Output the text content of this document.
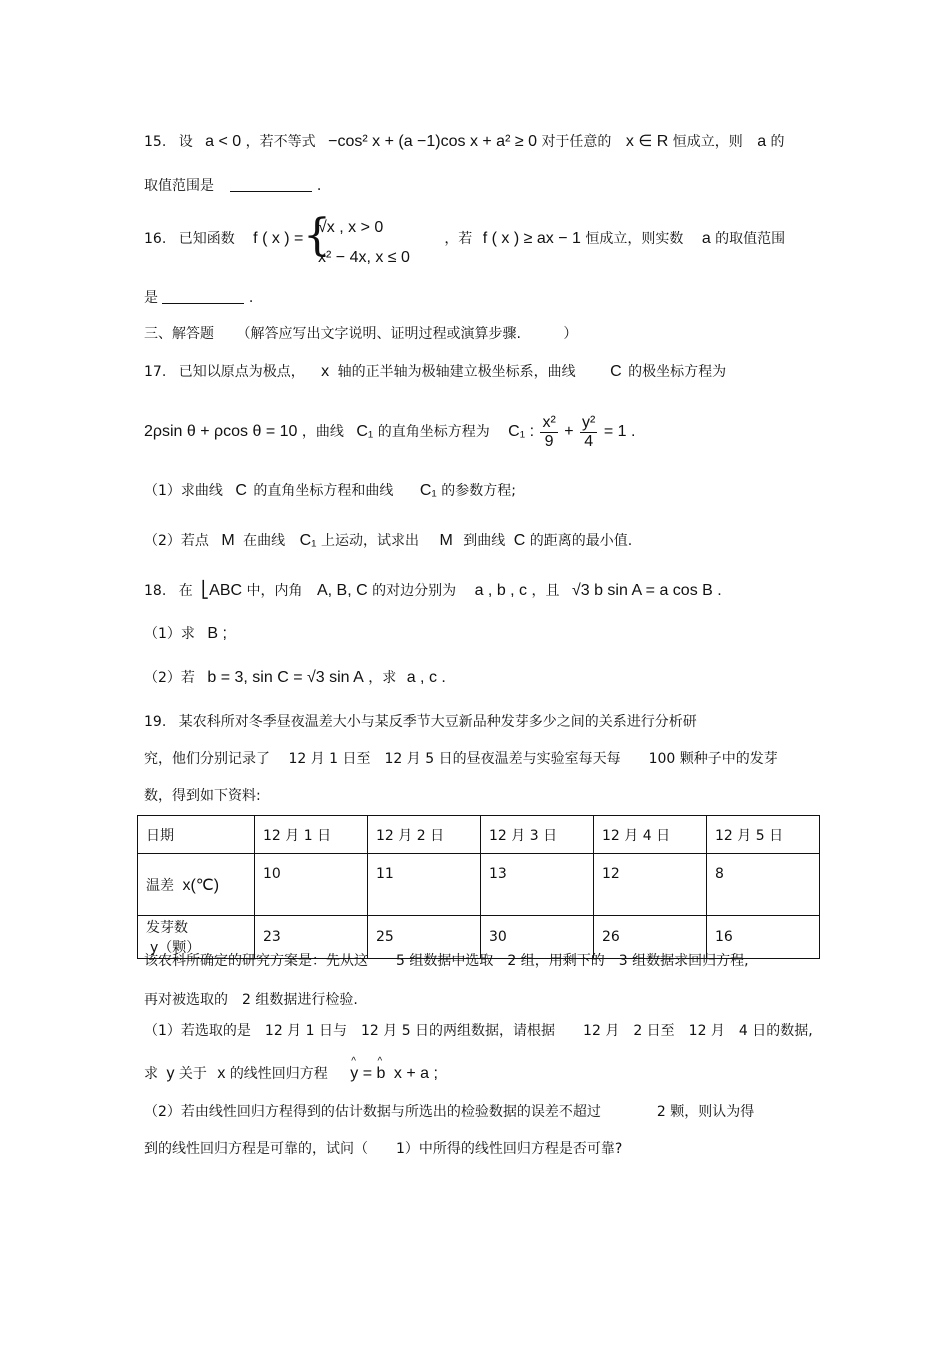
15. 设 a < 0 ，若不等式 −cos² x + (a −1)cos x + a² ≥ 0 对于任意的 x ∈ R 恒成立，则 a 的
取值范围是	.
16. 已知函数 f ( x ) =	，若 f ( x ) ≥ ax − 1 恒成立，则实数 a 的取值范围
{
√x , x > 0
x² − 4x, x ≤ 0
是	.
三、解答题 （解答应写出文字说明、证明过程或演算步骤.	）
17. 已知以原点为极点， x 轴的正半轴为极轴建立极坐标系，曲线 C 的极坐标方程为
2ρsin θ + ρcos θ = 10 ，曲线 C₁ 的直角坐标方程为 C₁ : $\frac{\text{x²}}{9} + \frac{\text{y²}}{4} = 1$ .
（1）求曲线 C 的直角坐标方程和曲线 C₁ 的参数方程;
（2）若点 M 在曲线 C₁ 上运动，试求出 M 到曲线 C 的距离的最小值.
18. 在 ⎣ABC 中，内角 A, B, C 的对边分别为 a , b , c ，且 √3 b sin A = a cos B .
（1）求 B ;
（2）若 b = 3, sin C = √3 sin A ，求 a , c .
19. 某农科所对冬季昼夜温差大小与某反季节大豆新品种发芽多少之间的关系进行分析研
究，他们分别记录了　 12 月 1 日至　12 月 5 日的昼夜温差与实验室每天每　　100 颗种子中的发芽
数，得到如下资料:
日期	12 月 1 日	12 月 2 日	12 月 3 日	12 月 4 日	12 月 5 日
温差 x(℃)	10	11	13	12	8
发芽数 y（颗）	23	25	30	26	16
该农科所确定的研究方案是：先从这　　5 组数据中选取　2 组，用剩下的　3 组数据求回归方程,
再对被选取的　2 组数据进行检验.
（1）若选取的是　12 月 1 日与　12 月 5 日的两组数据，请根据　　12 月　2 日至　12 月　4 日的数据,
求 y 关于 x 的线性回归方程 ^ y = ^ b x + a ;
（2）若由线性回归方程得到的估计数据与所选出的检验数据的误差不超过　　　　2 颗，则认为得
到的线性回归方程是可靠的，试问（　　1）中所得的线性回归方程是否可靠?
